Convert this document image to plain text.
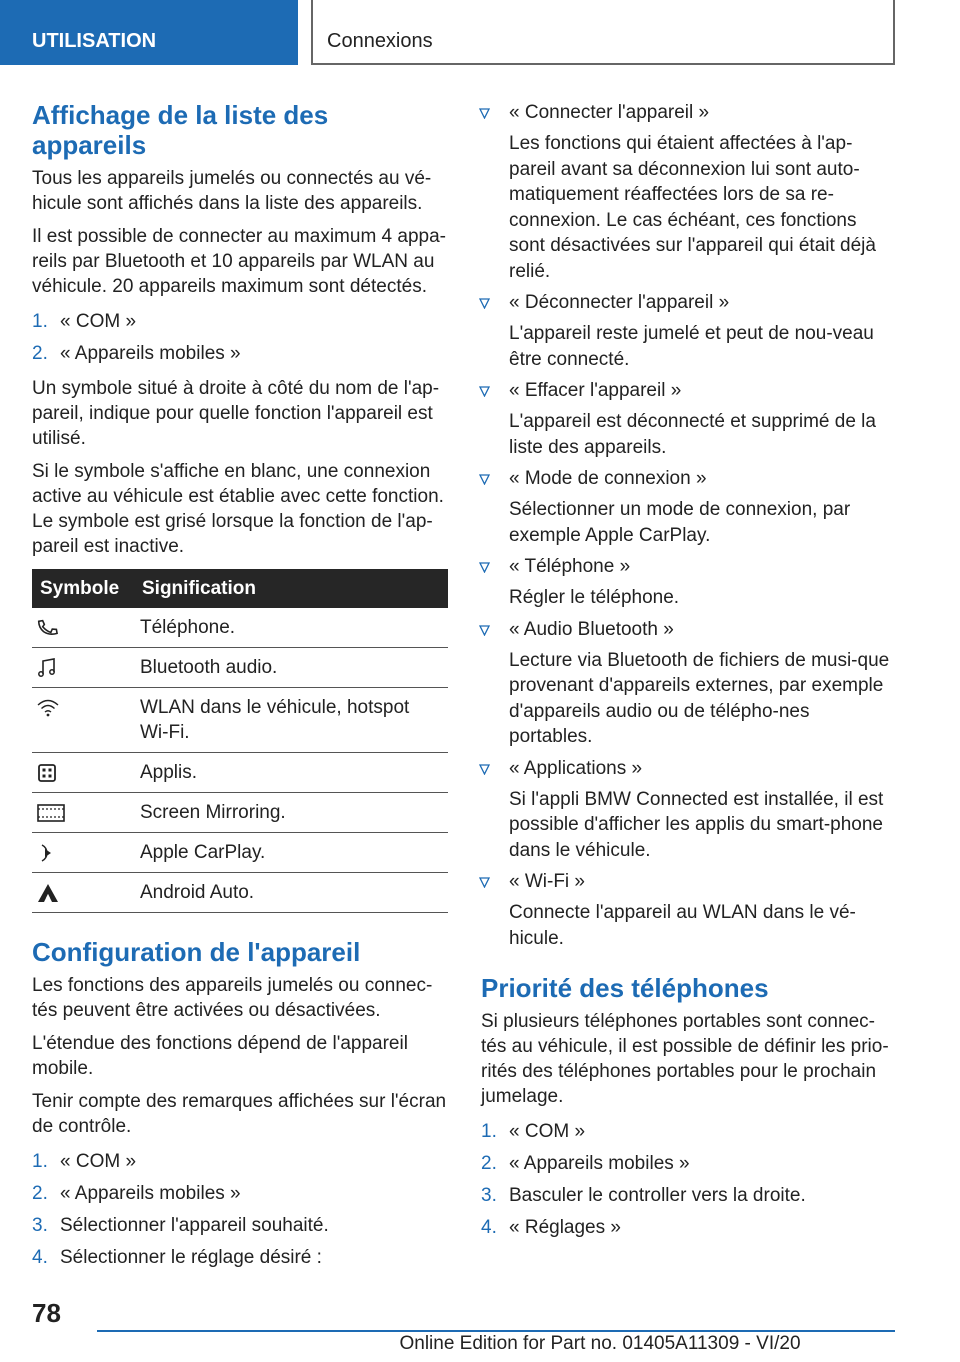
UTILISATION	Connexions
Affichage de la liste des appareils

Tous les appareils jumelés ou connectés au vé-hicule sont affichés dans la liste des appareils.

Il est possible de connecter au maximum 4 appa-reils par Bluetooth et 10 appareils par WLAN au véhicule. 20 appareils maximum sont détectés.

1. « COM »
2. « Appareils mobiles »

Un symbole situé à droite à côté du nom de l'ap-pareil, indique pour quelle fonction l'appareil est utilisé.

Si le symbole s'affiche en blanc, une connexion active au véhicule est établie avec cette fonction. Le symbole est grisé lorsque la fonction de l'ap-pareil est inactive.

Symbole	Signification

	Téléphone.

	Bluetooth audio.

	WLAN dans le véhicule, hotspot Wi-Fi.

	Applis.

	Screen Mirroring.

	Apple CarPlay.

	Android Auto.
Configuration de l'appareil

Les fonctions des appareils jumelés ou connec-tés peuvent être activées ou désactivées.

L'étendue des fonctions dépend de l'appareil mobile.

Tenir compte des remarques affichées sur l'écran de contrôle.

1. « COM »
2. « Appareils mobiles »
3. Sélectionner l'appareil souhaité.
4. Sélectionner le réglage désiré :
« Connecter l'appareil »
Les fonctions qui étaient affectées à l'ap-pareil avant sa déconnexion lui sont auto-matiquement réaffectées lors de sa re-connexion. Le cas échéant, ces fonctions sont désactivées sur l'appareil qui était déjà relié.
« Déconnecter l'appareil »
L'appareil reste jumelé et peut de nou-veau être connecté.
« Effacer l'appareil »
L'appareil est déconnecté et supprimé de la liste des appareils.
« Mode de connexion »
Sélectionner un mode de connexion, par exemple Apple CarPlay.
« Téléphone »
Régler le téléphone.
« Audio Bluetooth »
Lecture via Bluetooth de fichiers de musi-que provenant d'appareils externes, par exemple d'appareils audio ou de télépho-nes portables.
« Applications »
Si l'appli BMW Connected est installée, il est possible d'afficher les applis du smart-phone dans le véhicule.
« Wi-Fi »
Connecte l'appareil au WLAN dans le vé-hicule.
Priorité des téléphones

Si plusieurs téléphones portables sont connec-tés au véhicule, il est possible de définir les prio-rités des téléphones portables pour le prochain jumelage.

1. « COM »
2. « Appareils mobiles »
3. Basculer le controller vers la droite.
4. « Réglages »
78
Online Edition for Part no. 01405A11309 - VI/20
